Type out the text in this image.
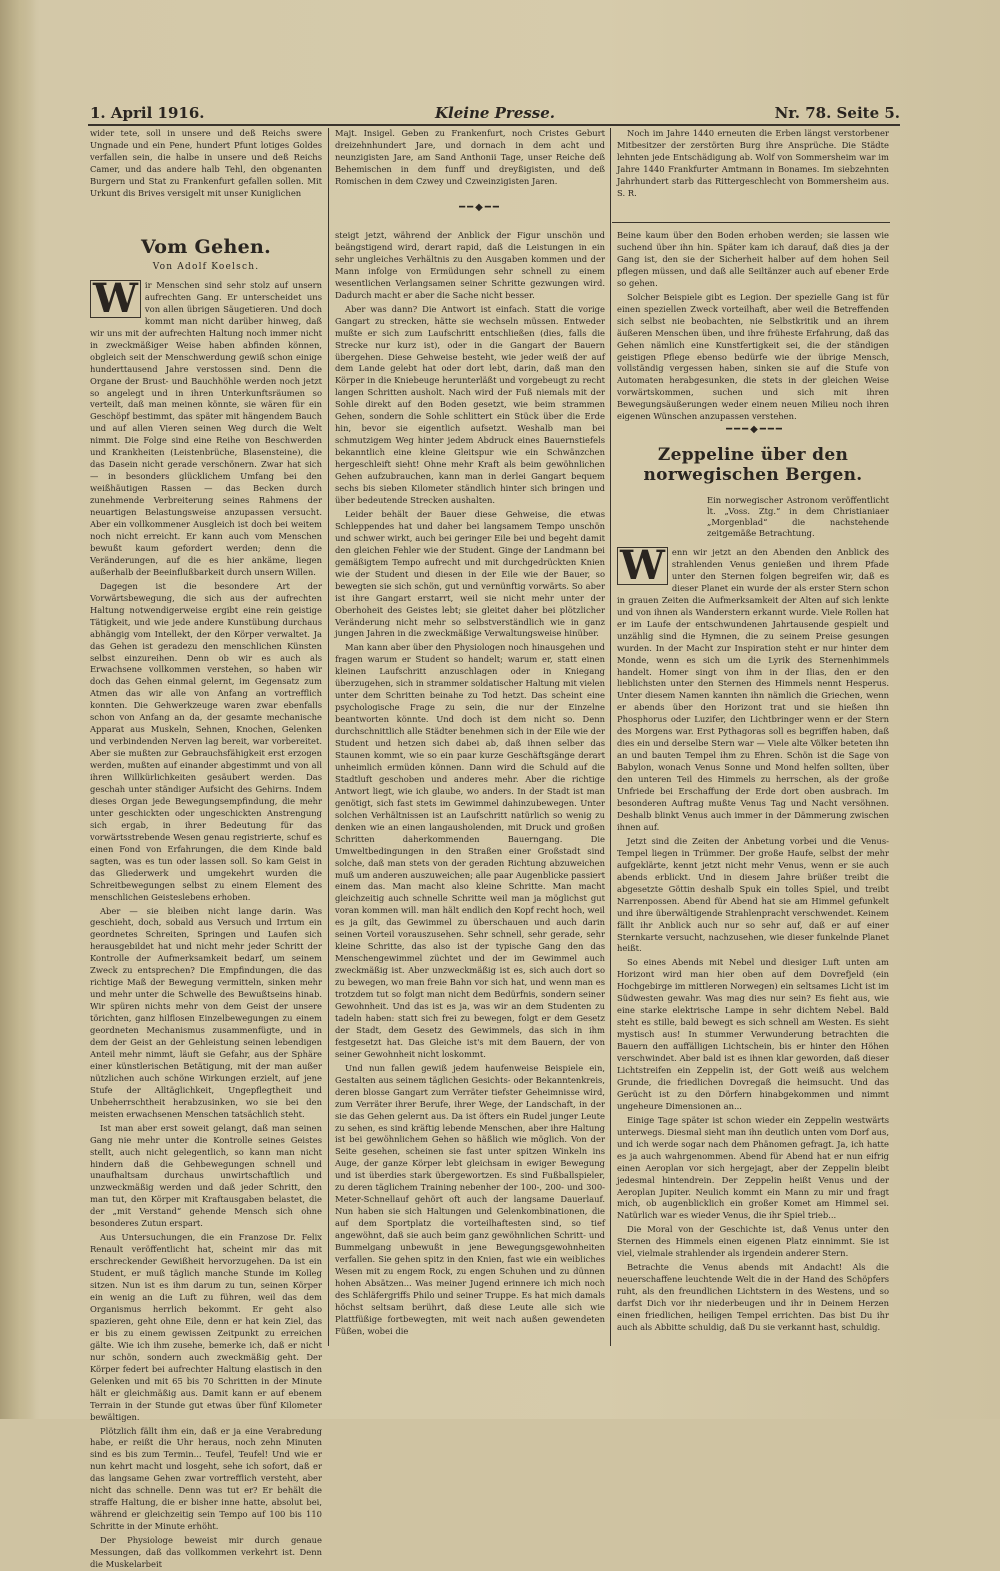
1. April 1916.	Kleine Presse.	Nr. 78. Seite 5.

wider tete, soll in unsere und deß Reichs swere Ungnade und ein Pene, hundert Pfunt lotiges Goldes verfallen sein, die halbe in unsere und deß Reichs Camer, und das andere halb Tehl, den obgenanten Burgern und Stat zu Frankenfurt gefallen sollen. Mit Urkunt dis Brives versigelt mit unser Kuniglichen

Majt. Insigel. Geben zu Frankenfurt, noch Cristes Geburt dreizehnhundert Jare, und dornach in dem acht und neunzigisten Jare, am Sand Anthonii Tage, unser Reiche deß Behemischen in dem funff und dreyßigisten, und deß Romischen in dem Czwey und Czweinzigisten Jaren.

━━◆━━

Noch im Jahre 1440 erneuten die Erben längst verstorbener Mitbesitzer der zerstörten Burg ihre Ansprüche. Die Städte lehnten jede Entschädigung ab. Wolf von Sommersheim war im Jahre 1440 Frankfurter Amtmann in Bonames. Im siebzehnten Jahrhundert starb das Rittergeschlecht von Bommersheim aus. S. R.

Vom Gehen.
Von Adolf Koelsch.

W ir Menschen sind sehr stolz auf unsern aufrechten Gang. Er unterscheidet uns von allen übrigen Säugetieren. Und doch kommt man nicht darüber hinweg, daß wir uns mit der aufrechten Haltung noch immer nicht in zweckmäßiger Weise haben abfinden können, obgleich seit der Menschwerdung gewiß schon einige hunderttausend Jahre verstossen sind. Denn die Organe der Brust- und Bauchhöhle werden noch jetzt so angelegt und in ihren Unterkunftsräumen so verteilt, daß man meinen könnte, sie wären für ein Geschöpf bestimmt, das später mit hängendem Bauch und auf allen Vieren seinen Weg durch die Welt nimmt. Die Folge sind eine Reihe von Beschwerden und Krankheiten (Leistenbrüche, Blasensteine), die das Dasein nicht gerade verschönern. Zwar hat sich — in besonders glücklichem Umfang bei den weißhäutigen Rassen — das Becken durch zunehmende Verbreiterung seines Rahmens der neuartigen Belastungsweise anzupassen versucht. Aber ein vollkommener Ausgleich ist doch bei weitem noch nicht erreicht. Er kann auch vom Menschen bewußt kaum gefordert werden; denn die Veränderungen, auf die es hier ankäme, liegen außerhalb der Beeinflußbarkeit durch unsern Willen.

Dagegen ist die besondere Art der Vorwärtsbewegung, die sich aus der aufrechten Haltung notwendigerweise ergibt eine rein geistige Tätigkeit, und wie jede andere Kunstübung durchaus abhängig vom Intellekt, der den Körper verwaltet. Ja das Gehen ist geradezu den menschlichen Künsten selbst einzureihen. Denn ob wir es auch als Erwachsene vollkommen verstehen, so haben wir doch das Gehen einmal gelernt, im Gegensatz zum Atmen das wir alle von Anfang an vortrefflich konnten. Die Gehwerkzeuge waren zwar ebenfalls schon von Anfang an da, der gesamte mechanische Apparat aus Muskeln, Sehnen, Knochen, Gelenken und verbindenden Nerven lag bereit, war vorbereitet. Aber sie mußten zur Gebrauchsfähigkeit erst erzogen werden, mußten auf einander abgestimmt und von all ihren Willkürlichkeiten gesäubert werden. Das geschah unter ständiger Aufsicht des Gehirns. Indem dieses Organ jede Bewegungsempfindung, die mehr unter geschickten oder ungeschickten Anstrengung sich ergab, in ihrer Bedeutung für das vorwärtsstrebende Wesen genau registrierte, schuf es einen Fond von Erfahrungen, die dem Kinde bald sagten, was es tun oder lassen soll. So kam Geist in das Gliederwerk und umgekehrt wurden die Schreitbewegungen selbst zu einem Element des menschlichen Geisteslebens erhoben.

Aber — sie bleiben nicht lange darin. Was geschieht, doch, sobald aus Versuch und Irrtum ein geordnetes Schreiten, Springen und Laufen sich herausgebildet hat und nicht mehr jeder Schritt der Kontrolle der Aufmerksamkeit bedarf, um seinem Zweck zu entsprechen? Die Empfindungen, die das richtige Maß der Bewegung vermitteln, sinken mehr und mehr unter die Schwelle des Bewußtseins hinab. Wir spüren nichts mehr von dem Geist der unsere törichten, ganz hilflosen Einzelbewegungen zu einem geordneten Mechanismus zusammenfügte, und in dem der Geist an der Gehleistung seinen lebendigen Anteil mehr nimmt, läuft sie Gefahr, aus der Sphäre einer künstlerischen Betätigung, mit der man außer nützlichen auch schöne Wirkungen erzielt, auf jene Stufe der Alltäglichkeit, Ungepflegtheit und Unbeherrschtheit herabzusinken, wo sie bei den meisten erwachsenen Menschen tatsächlich steht.

Ist man aber erst soweit gelangt, daß man seinen Gang nie mehr unter die Kontrolle seines Geistes stellt, auch nicht gelegentlich, so kann man nicht hindern daß die Gehbewegungen schnell und unaufhaltsam durchaus unwirtschaftlich und unzweckmäßig werden und daß jeder Schritt, den man tut, den Körper mit Kraftausgaben belastet, die der „mit Verstand“ gehende Mensch sich ohne besonderes Zutun erspart.

Aus Untersuchungen, die ein Franzose Dr. Felix Renault veröffentlicht hat, scheint mir das mit erschreckender Gewißheit hervorzugehen. Da ist ein Student, er muß täglich manche Stunde im Kolleg sitzen. Nun ist es ihm darum zu tun, seinen Körper ein wenig an die Luft zu führen, weil das dem Organismus herrlich bekommt. Er geht also spazieren, geht ohne Eile, denn er hat kein Ziel, das er bis zu einem gewissen Zeitpunkt zu erreichen gälte. Wie ich ihm zusehe, bemerke ich, daß er nicht nur schön, sondern auch zweckmäßig geht. Der Körper federt bei aufrechter Haltung elastisch in den Gelenken und mit 65 bis 70 Schritten in der Minute hält er gleichmäßig aus. Damit kann er auf ebenem Terrain in der Stunde gut etwas über fünf Kilometer bewältigen.

Plötzlich fällt ihm ein, daß er ja eine Verabredung habe, er reißt die Uhr heraus, noch zehn Minuten sind es bis zum Termin... Teufel, Teufel! Und wie er nun kehrt macht und losgeht, sehe ich sofort, daß er das langsame Gehen zwar vortrefflich versteht, aber nicht das schnelle. Denn was tut er? Er behält die straffe Haltung, die er bisher inne hatte, absolut bei, während er gleichzeitig sein Tempo auf 100 bis 110 Schritte in der Minute erhöht.

Der Physiologe beweist mir durch genaue Messungen, daß das vollkommen verkehrt ist. Denn die Muskelarbeit

steigt jetzt, während der Anblick der Figur unschön und beängstigend wird, derart rapid, daß die Leistungen in ein sehr ungleiches Verhältnis zu den Ausgaben kommen und der Mann infolge von Ermüdungen sehr schnell zu einem wesentlichen Verlangsamen seiner Schritte gezwungen wird. Dadurch macht er aber die Sache nicht besser.

Aber was dann? Die Antwort ist einfach. Statt die vorige Gangart zu strecken, hätte sie wechseln müssen. Entweder mußte er sich zum Laufschritt entschließen (dies, falls die Strecke nur kurz ist), oder in die Gangart der Bauern übergehen. Diese Gehweise besteht, wie jeder weiß der auf dem Lande gelebt hat oder dort lebt, darin, daß man den Körper in die Kniebeuge herunterläßt und vorgebeugt zu recht langen Schritten ausholt. Nach wird der Fuß niemals mit der Sohle direkt auf den Boden gesetzt, wie beim strammen Gehen, sondern die Sohle schlittert ein Stück über die Erde hin, bevor sie eigentlich aufsetzt. Weshalb man bei schmutzigem Weg hinter jedem Abdruck eines Bauernstiefels bekanntlich eine kleine Gleitspur wie ein Schwänzchen hergeschleift sieht! Ohne mehr Kraft als beim gewöhnlichen Gehen aufzubrauchen, kann man in derlei Gangart bequem sechs bis sieben Kilometer ständlich hinter sich bringen und über bedeutende Strecken aushalten.

Leider behält der Bauer diese Gehweise, die etwas Schleppendes hat und daher bei langsamem Tempo unschön und schwer wirkt, auch bei geringer Eile bei und begeht damit den gleichen Fehler wie der Student. Ginge der Landmann bei gemäßigtem Tempo aufrecht und mit durchgedrückten Knien wie der Student und diesen in der Eile wie der Bauer, so bewegten sie sich schön, gut und vernünftig vorwärts. So aber ist ihre Gangart erstarrt, weil sie nicht mehr unter der Oberhoheit des Geistes lebt; sie gleitet daher bei plötzlicher Veränderung nicht mehr so selbstverständlich wie in ganz jungen Jahren in die zweckmäßige Verwaltungsweise hinüber.

Man kann aber über den Physiologen noch hinausgehen und fragen warum er Student so handelt; warum er, statt einen kleinen Laufschritt anzuschlagen oder in Kniegang überzugehen, sich in strammer soldatischer Haltung mit vielen unter dem Schritten beinahe zu Tod hetzt. Das scheint eine psychologische Frage zu sein, die nur der Einzelne beantworten könnte. Und doch ist dem nicht so. Denn durchschnittlich alle Städter benehmen sich in der Eile wie der Student und hetzen sich dabei ab, daß ihnen selber das Staunen kommt, wie so ein paar kurze Geschäftsgänge derart unheimlich ermüden können. Dann wird die Schuld auf die Stadtluft geschoben und anderes mehr. Aber die richtige Antwort liegt, wie ich glaube, wo anders. In der Stadt ist man genötigt, sich fast stets im Gewimmel dahinzubewegen. Unter solchen Verhältnissen ist an Laufschritt natürlich so wenig zu denken wie an einen langausholenden, mit Druck und großen Schritten daherkommenden Bauerngang. Die Umweltbedingungen in den Straßen einer Großstadt sind solche, daß man stets von der geraden Richtung abzuweichen muß um anderen auszuweichen; alle paar Augenblicke passiert einem das. Man macht also kleine Schritte. Man macht gleichzeitig auch schnelle Schritte weil man ja möglichst gut voran kommen will. man hält endlich den Kopf recht hoch, weil es ja gilt, das Gewimmel zu überschauen und auch darin seinen Vorteil vorauszusehen. Sehr schnell, sehr gerade, sehr kleine Schritte, das also ist der typische Gang den das Menschengewimmel züchtet und der im Gewimmel auch zweckmäßig ist. Aber unzweckmäßig ist es, sich auch dort so zu bewegen, wo man freie Bahn vor sich hat, und wenn man es trotzdem tut so folgt man nicht dem Bedürfnis, sondern seiner Gewohnheit. Und das ist es ja, was wir an dem Studenten zu tadeln haben: statt sich frei zu bewegen, folgt er dem Gesetz der Stadt, dem Gesetz des Gewimmels, das sich in ihm festgesetzt hat. Das Gleiche ist's mit dem Bauern, der von seiner Gewohnheit nicht loskommt.

Und nun fallen gewiß jedem haufenweise Beispiele ein, Gestalten aus seinem täglichen Gesichts- oder Bekanntenkreis, deren blosse Gangart zum Verräter tiefster Geheimnisse wird, zum Verräter ihrer Berufe, ihrer Wege, der Landschaft, in der sie das Gehen gelernt aus. Da ist öfters ein Rudel junger Leute zu sehen, es sind kräftig lebende Menschen, aber ihre Haltung ist bei gewöhnlichem Gehen so häßlich wie möglich. Von der Seite gesehen, scheinen sie fast unter spitzen Winkeln ins Auge, der ganze Körper lebt gleichsam in ewiger Bewegung und ist überdies stark übergewortzen. Es sind Fußballspieler, zu deren täglichem Training nebenher der 100-, 200- und 300-Meter-Schnellauf gehört oft auch der langsame Dauerlauf. Nun haben sie sich Haltungen und Gelenkombinationen, die auf dem Sportplatz die vorteilhaftesten sind, so tief angewöhnt, daß sie auch beim ganz gewöhnlichen Schritt- und Bummelgang unbewußt in jene Bewegungsgewohnheiten verfallen. Sie gehen spitz in den Knien, fast wie ein weibliches Wesen mit zu engem Rock, zu engen Schuhen und zu dünnen hohen Absätzen... Was meiner Jugend erinnere ich mich noch des Schläfergriffs Philo und seiner Truppe. Es hat mich damals höchst seltsam berührt, daß diese Leute alle sich wie Plattfüßige fortbewegten, mit weit nach außen gewendeten Füßen, wobei die

Beine kaum über den Boden erhoben werden; sie lassen wie suchend über ihn hin. Später kam ich darauf, daß dies ja der Gang ist, den sie der Sicherheit halber auf dem hohen Seil pflegen müssen, und daß alle Seiltänzer auch auf ebener Erde so gehen.

Solcher Beispiele gibt es Legion. Der spezielle Gang ist für einen speziellen Zweck vorteilhaft, aber weil die Betreffenden sich selbst nie beobachten, nie Selbstkritik und an ihrem äußeren Menschen üben, und ihre früheste Erfahrung, daß das Gehen nämlich eine Kunstfertigkeit sei, die der ständigen geistigen Pflege ebenso bedürfe wie der übrige Mensch, vollständig vergessen haben, sinken sie auf die Stufe von Automaten herabgesunken, die stets in der gleichen Weise vorwärtskommen, suchen und sich mit ihren Bewegungsäußerungen weder einem neuen Milieu noch ihren eigenen Wünschen anzupassen verstehen.

━━━◆━━━
Zeppeline über den norwegischen Bergen.
Ein norwegischer Astronom veröffentlicht lt. „Voss. Ztg.“ in dem Christianiaer „Morgenblad“ die nachstehende zeitgemäße Betrachtung.

W enn wir jetzt an den Abenden den Anblick des strahlenden Venus genießen und ihrem Pfade unter den Sternen folgen begreifen wir, daß es dieser Planet ein wurde der als erster Stern schon in grauen Zeiten die Aufmerksamkeit der Alten auf sich lenkte und von ihnen als Wanderstern erkannt wurde. Viele Rollen hat er im Laufe der entschwundenen Jahrtausende gespielt und unzählig sind die Hymnen, die zu seinem Preise gesungen wurden. In der Macht zur Inspiration steht er nur hinter dem Monde, wenn es sich um die Lyrik des Sternenhimmels handelt. Homer singt von ihm in der Ilias, den er den lieblichsten unter den Sternen des Himmels nennt Hesperus. Unter diesem Namen kannten ihn nämlich die Griechen, wenn er abends über den Horizont trat und sie hießen ihn Phosphorus oder Luzifer, den Lichtbringer wenn er der Stern des Morgens war. Erst Pythagoras soll es begriffen haben, daß dies ein und derselbe Stern war — Viele alte Völker beteten ihn an und bauten Tempel ihm zu Ehren. Schön ist die Sage von Babylon, wonach Venus Sonne und Mond helfen sollten, über den unteren Teil des Himmels zu herrschen, als der große Unfriede bei Erschaffung der Erde dort oben ausbrach. Im besonderen Auftrag mußte Venus Tag und Nacht versöhnen. Deshalb blinkt Venus auch immer in der Dämmerung zwischen ihnen auf.

Jetzt sind die Zeiten der Anbetung vorbei und die Venus-Tempel liegen in Trümmer. Der große Haufe, selbst der mehr aufgeklärte, kennt jetzt nicht mehr Venus, wenn er sie auch abends erblickt. Und in diesem Jahre brüßer treibt die abgesetzte Göttin deshalb Spuk ein tolles Spiel, und treibt Narrenpossen. Abend für Abend hat sie am Himmel gefunkelt und ihre überwältigende Strahlenpracht verschwendet. Keinem fällt ihr Anblick auch nur so sehr auf, daß er auf einer Sternkarte versucht, nachzusehen, wie dieser funkelnde Planet heißt.

So eines Abends mit Nebel und diesiger Luft unten am Horizont wird man hier oben auf dem Dovrefjeld (ein Hochgebirge im mittleren Norwegen) ein seltsames Licht ist im Südwesten gewahr. Was mag dies nur sein? Es fieht aus, wie eine starke elektrische Lampe in sehr dichtem Nebel. Bald steht es stille, bald bewegt es sich schnell am Westen. Es sieht mystisch aus! In stummer Verwunderung betrachten die Bauern den auffälligen Lichtschein, bis er hinter den Höhen verschwindet. Aber bald ist es ihnen klar geworden, daß dieser Lichtstreifen ein Zeppelin ist, der Gott weiß aus welchem Grunde, die friedlichen Dovregaß die heimsucht. Und das Gerücht ist zu den Dörfern hinabgekommen und nimmt ungeheure Dimensionen an...

Einige Tage später ist schon wieder ein Zeppelin westwärts unterwegs. Diesmal sieht man ihn deutlich unten vom Dorf aus, und ich werde sogar nach dem Phänomen gefragt. Ja, ich hatte es ja auch wahrgenommen. Abend für Abend hat er nun eifrig einen Aeroplan vor sich hergejagt, aber der Zeppelin bleibt jedesmal hintendrein. Der Zeppelin heißt Venus und der Aeroplan Jupiter. Neulich kommt ein Mann zu mir und fragt mich, ob augenblicklich ein großer Komet am Himmel sei. Natürlich war es wieder Venus, die ihr Spiel trieb...

Die Moral von der Geschichte ist, daß Venus unter den Sternen des Himmels einen eigenen Platz einnimmt. Sie ist viel, vielmale strahlender als irgendein anderer Stern.

Betrachte die Venus abends mit Andacht! Als die neuerschaffene leuchtende Welt die in der Hand des Schöpfers ruht, als den freundlichen Lichtstern in des Westens, und so darfst Dich vor ihr niederbeugen und ihr in Deinem Herzen einen friedlichen, heiligen Tempel errichten. Das bist Du ihr auch als Abbitte schuldig, daß Du sie verkannt hast, schuldig.
